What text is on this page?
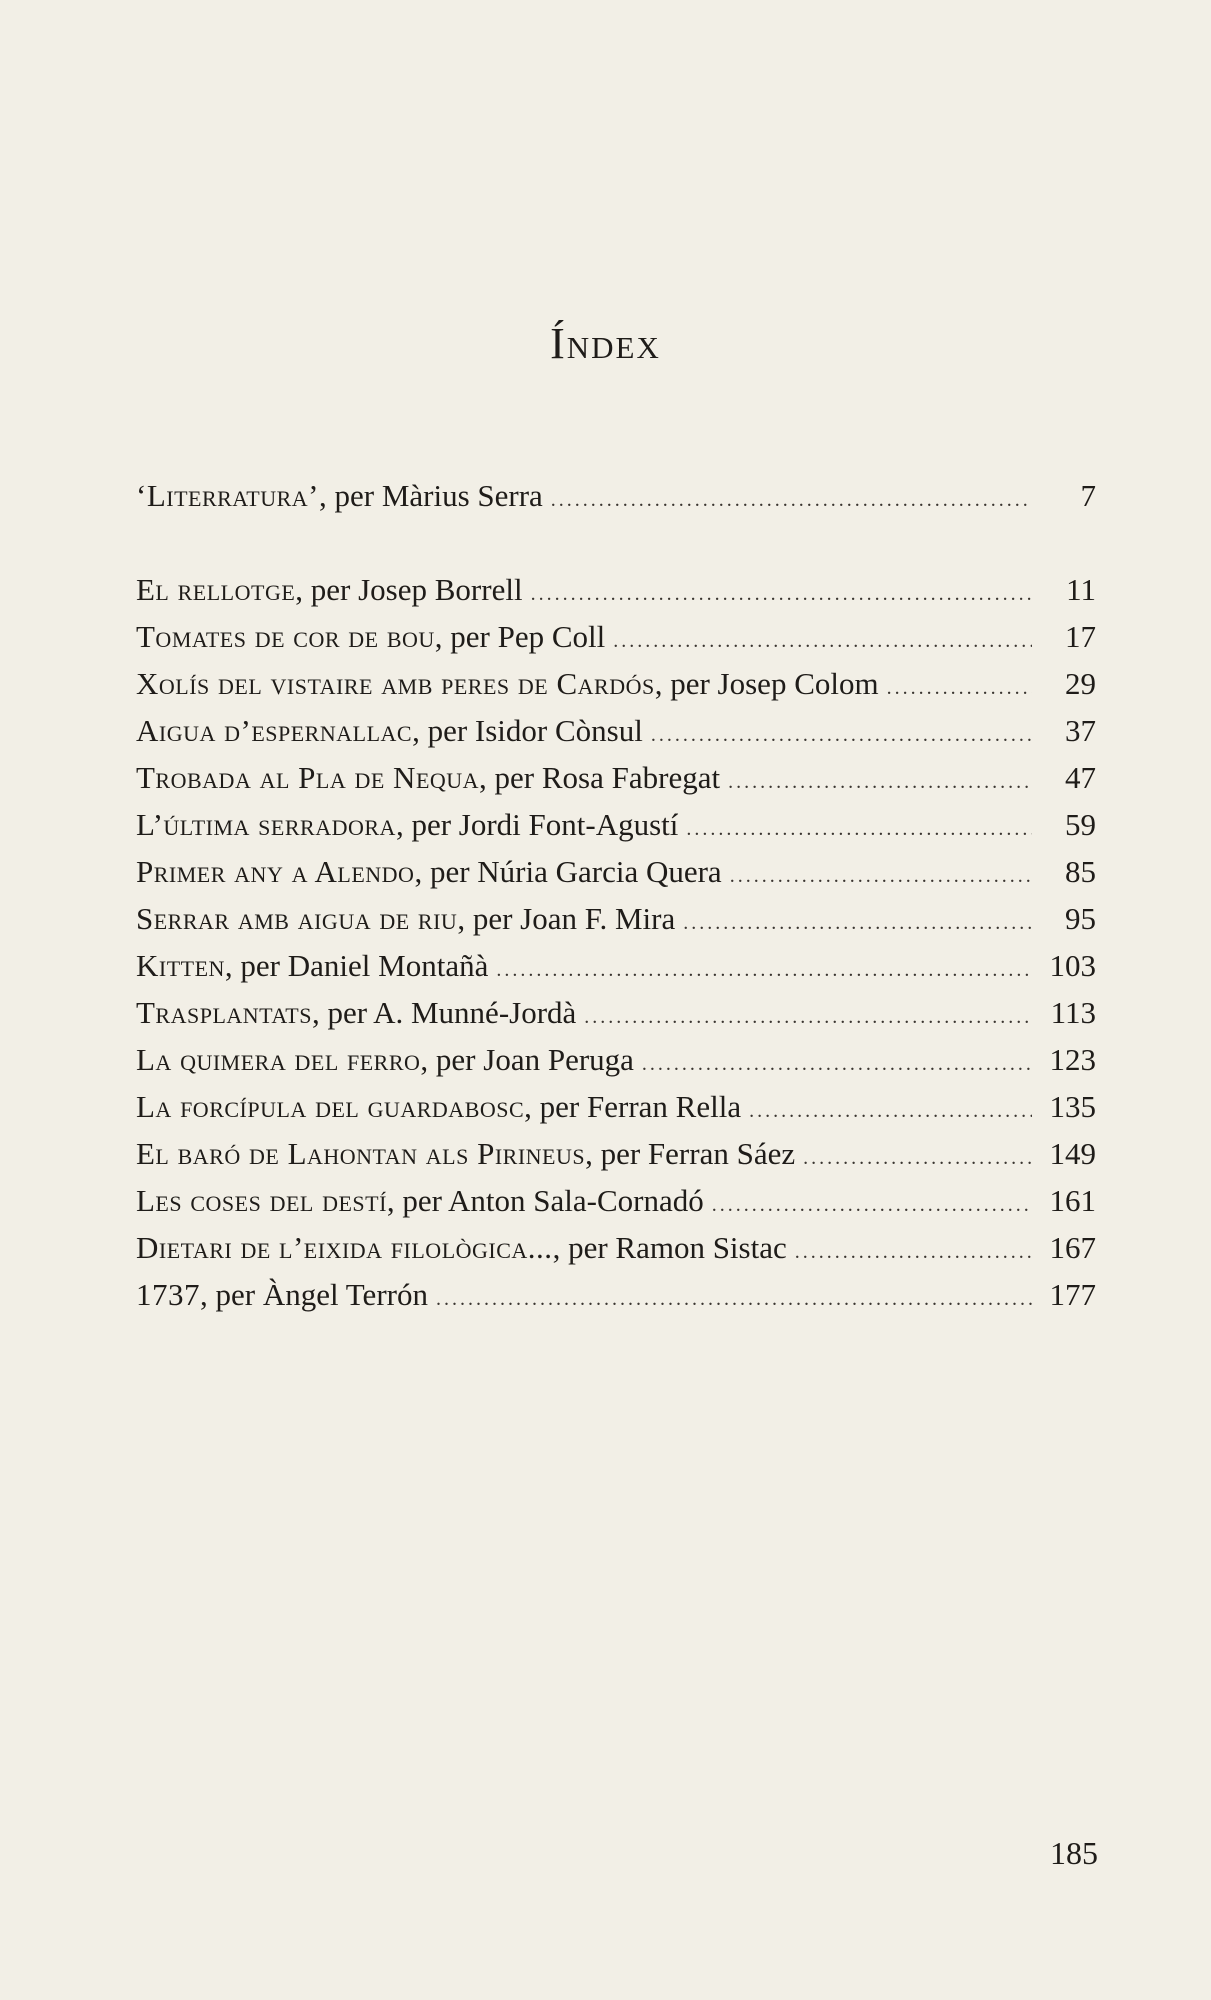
Índex
‘Literratura’, per Màrius Serra .....	7
El rellotge, per Josep Borrell .....	11
Tomates de cor de bou, per Pep Coll .....	17
Xolís del vistaire amb peres de Cardós, per Josep Colom .....	29
Aigua d’espernallac, per Isidor Cònsul .....	37
Trobada al Pla de Nequa, per Rosa Fabregat .....	47
L’última serradora, per Jordi Font-Agustí .....	59
Primer any a Alendo, per Núria Garcia Quera .....	85
Serrar amb aigua de riu, per Joan F. Mira .....	95
Kitten, per Daniel Montañà .....	103
Trasplantats, per A. Munné-Jordà .....	113
La quimera del ferro, per Joan Peruga .....	123
La forcípula del guardabosc, per Ferran Rella .....	135
El baró de Lahontan als Pirineus, per Ferran Sáez .....	149
Les coses del destí, per Anton Sala-Cornadó .....	161
Dietari de l’eixida filològica..., per Ramon Sistac .....	167
1737, per Àngel Terrón .....	177

185
